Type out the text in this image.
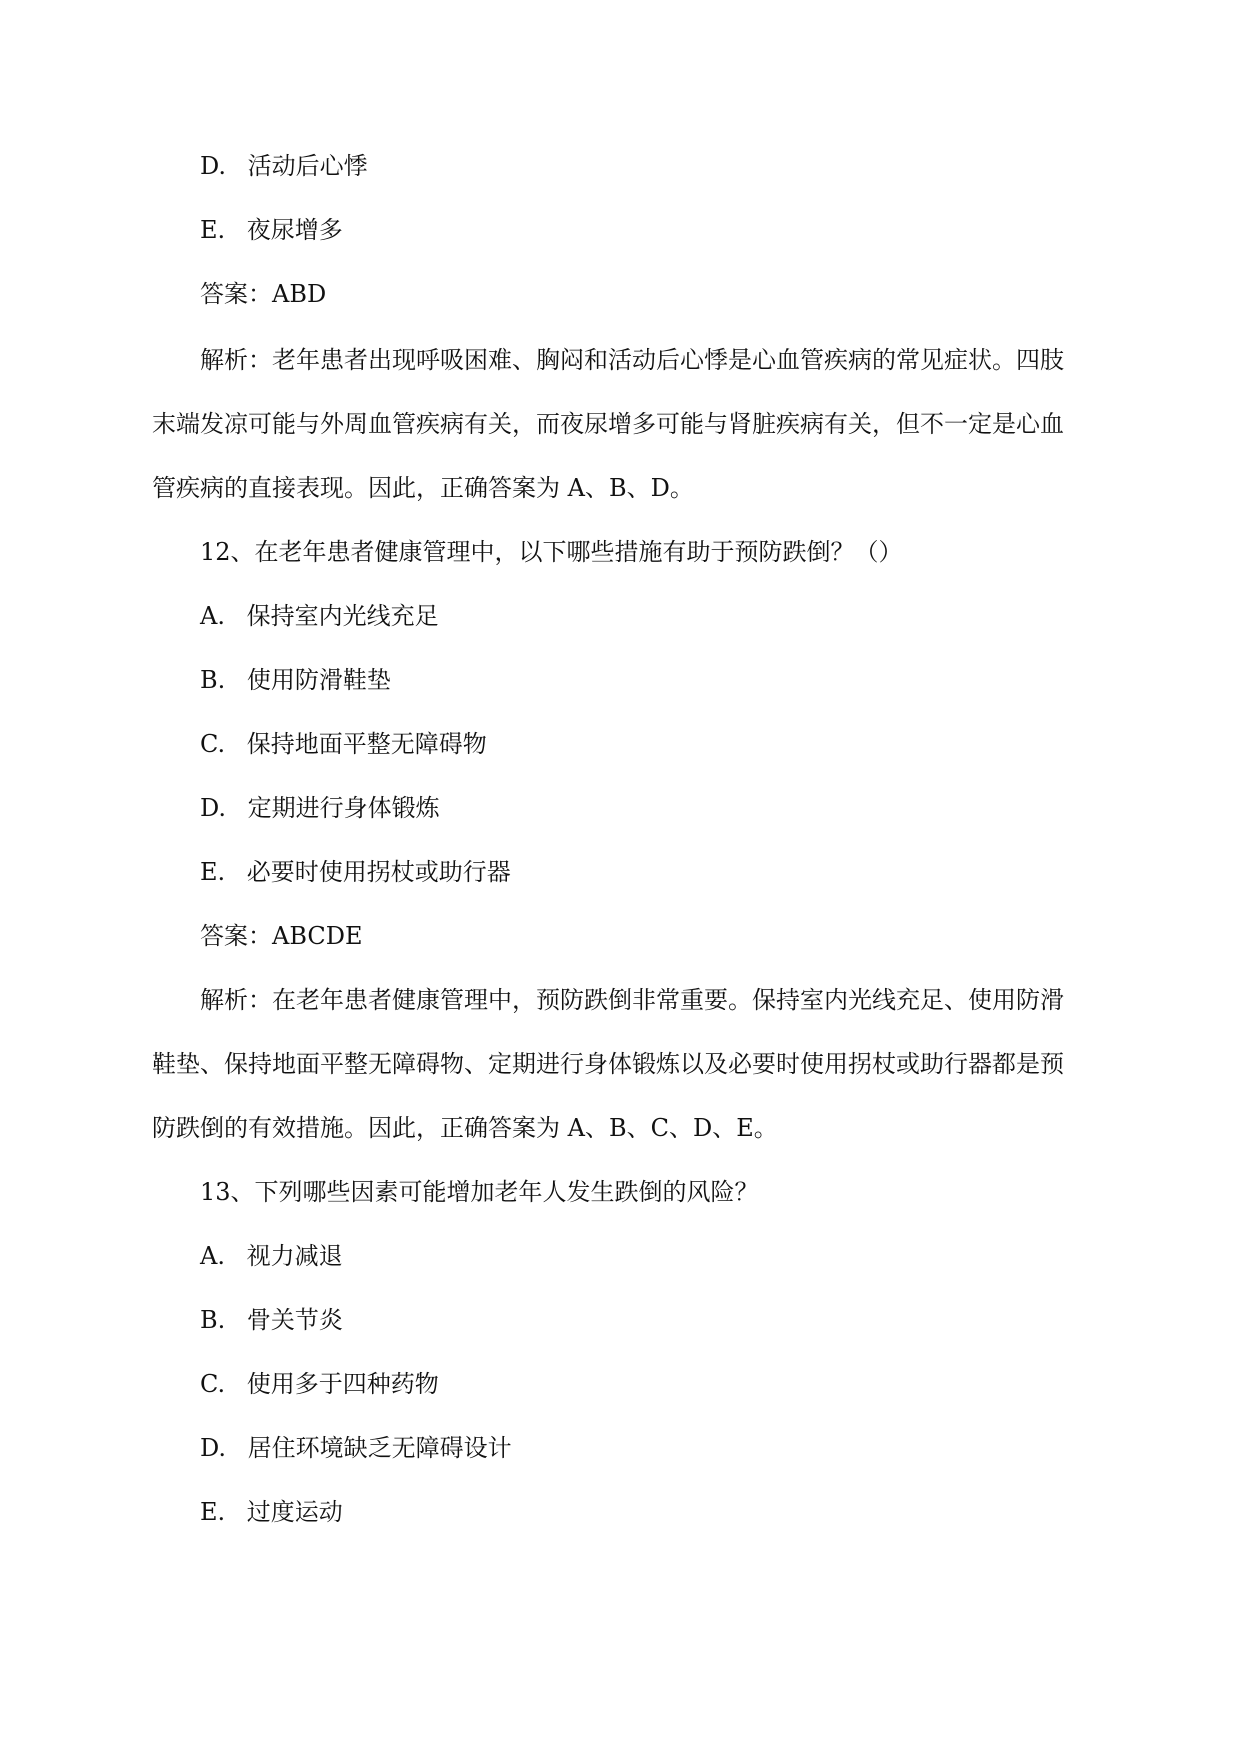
D. 活动后心悸
E. 夜尿增多
答案：ABD
解析：老年患者出现呼吸困难、胸闷和活动后心悸是心血管疾病的常见症状。四肢
末端发凉可能与外周血管疾病有关，而夜尿增多可能与肾脏疾病有关，但不一定是心血
管疾病的直接表现。因此，正确答案为 A、B、D。
12、在老年患者健康管理中，以下哪些措施有助于预防跌倒？（）
A. 保持室内光线充足
B. 使用防滑鞋垫
C. 保持地面平整无障碍物
D. 定期进行身体锻炼
E. 必要时使用拐杖或助行器
答案：ABCDE
解析：在老年患者健康管理中，预防跌倒非常重要。保持室内光线充足、使用防滑
鞋垫、保持地面平整无障碍物、定期进行身体锻炼以及必要时使用拐杖或助行器都是预
防跌倒的有效措施。因此，正确答案为 A、B、C、D、E。
13、下列哪些因素可能增加老年人发生跌倒的风险？
A. 视力减退
B. 骨关节炎
C. 使用多于四种药物
D. 居住环境缺乏无障碍设计
E. 过度运动
